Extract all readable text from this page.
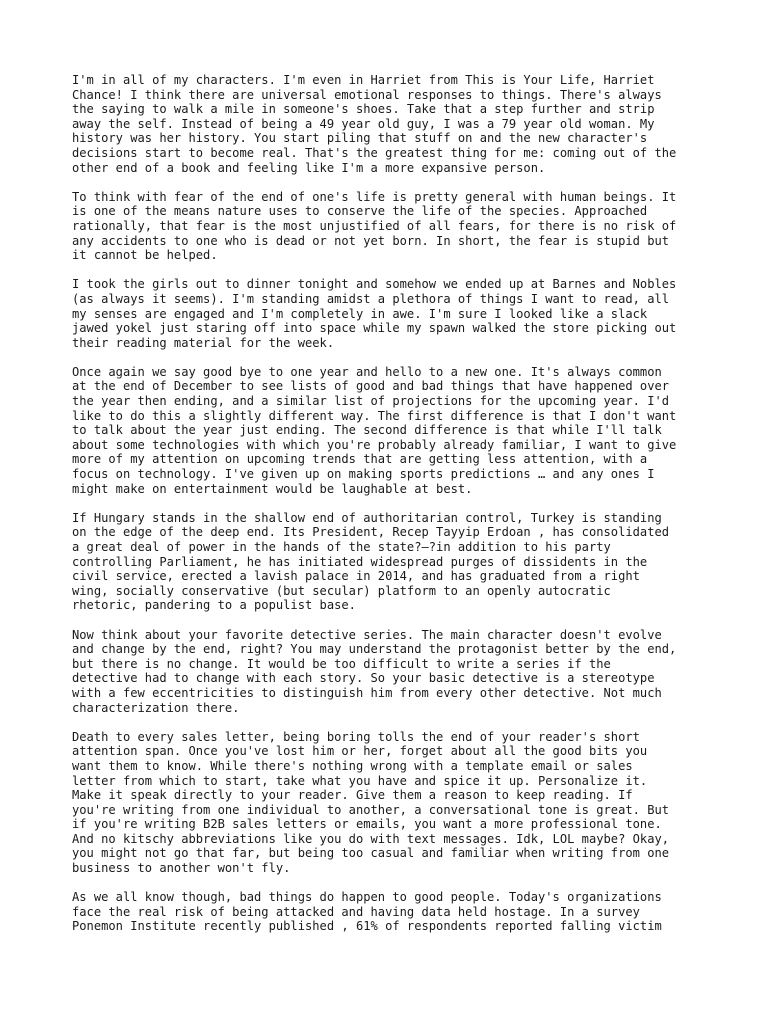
I'm in all of my characters. I'm even in Harriet from This is Your Life, Harriet
Chance! I think there are universal emotional responses to things. There's always
the saying to walk a mile in someone's shoes. Take that a step further and strip
away the self. Instead of being a 49 year old guy, I was a 79 year old woman. My
history was her history. You start piling that stuff on and the new character's
decisions start to become real. That's the greatest thing for me: coming out of the
other end of a book and feeling like I'm a more expansive person.

To think with fear of the end of one's life is pretty general with human beings. It
is one of the means nature uses to conserve the life of the species. Approached
rationally, that fear is the most unjustified of all fears, for there is no risk of
any accidents to one who is dead or not yet born. In short, the fear is stupid but
it cannot be helped.

I took the girls out to dinner tonight and somehow we ended up at Barnes and Nobles
(as always it seems). I'm standing amidst a plethora of things I want to read, all
my senses are engaged and I'm completely in awe. I'm sure I looked like a slack
jawed yokel just staring off into space while my spawn walked the store picking out
their reading material for the week.

Once again we say good bye to one year and hello to a new one. It's always common
at the end of December to see lists of good and bad things that have happened over
the year then ending, and a similar list of projections for the upcoming year. I'd
like to do this a slightly different way. The first difference is that I don't want
to talk about the year just ending. The second difference is that while I'll talk
about some technologies with which you're probably already familiar, I want to give
more of my attention on upcoming trends that are getting less attention, with a
focus on technology. I've given up on making sports predictions … and any ones I
might make on entertainment would be laughable at best.

If Hungary stands in the shallow end of authoritarian control, Turkey is standing
on the edge of the deep end. Its President, Recep Tayyip Erdoan , has consolidated
a great deal of power in the hands of the state?—?in addition to his party
controlling Parliament, he has initiated widespread purges of dissidents in the
civil service, erected a lavish palace in 2014, and has graduated from a right
wing, socially conservative (but secular) platform to an openly autocratic
rhetoric, pandering to a populist base.

Now think about your favorite detective series. The main character doesn't evolve
and change by the end, right? You may understand the protagonist better by the end,
but there is no change. It would be too difficult to write a series if the
detective had to change with each story. So your basic detective is a stereotype
with a few eccentricities to distinguish him from every other detective. Not much
characterization there.

Death to every sales letter, being boring tolls the end of your reader's short
attention span. Once you've lost him or her, forget about all the good bits you
want them to know. While there's nothing wrong with a template email or sales
letter from which to start, take what you have and spice it up. Personalize it.
Make it speak directly to your reader. Give them a reason to keep reading. If
you're writing from one individual to another, a conversational tone is great. But
if you're writing B2B sales letters or emails, you want a more professional tone.
And no kitschy abbreviations like you do with text messages. Idk, LOL maybe? Okay,
you might not go that far, but being too casual and familiar when writing from one
business to another won't fly.

As we all know though, bad things do happen to good people. Today's organizations
face the real risk of being attacked and having data held hostage. In a survey
Ponemon Institute recently published , 61% of respondents reported falling victim
